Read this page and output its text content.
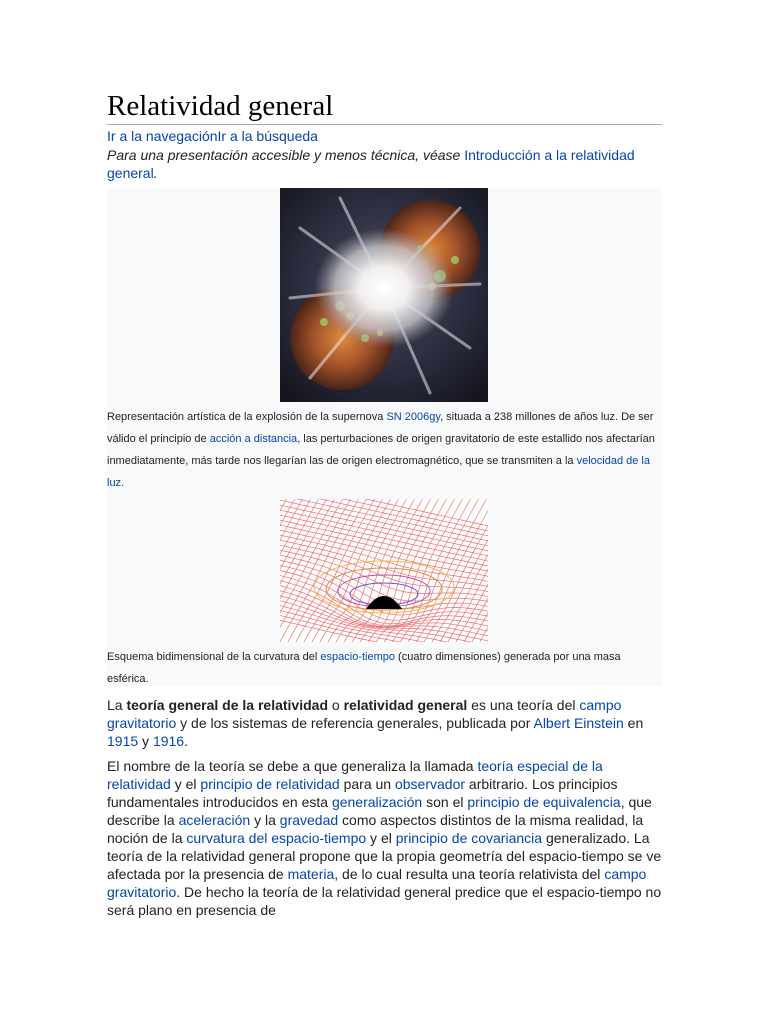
Relatividad general
Ir a la navegaciónIr a la búsqueda
Para una presentación accesible y menos técnica, véase Introducción a la relatividad general.
Representación artística de la explosión de la supernova SN 2006gy, situada a 238 millones de años luz. De ser válido el principio de acción a distancia, las perturbaciones de origen gravitatorio de este estallido nos afectarían inmediatamente, más tarde nos llegarían las de origen electromagnético, que se transmiten a la velocidad de la luz.
Esquema bidimensional de la curvatura del espacio-tiempo (cuatro dimensiones) generada por una masa esférica.

La teoría general de la relatividad o relatividad general es una teoría del campo gravitatorio y de los sistemas de referencia generales, publicada por Albert Einstein en 1915 y 1916.

El nombre de la teoría se debe a que generaliza la llamada teoría especial de la relatividad y el principio de relatividad para un observador arbitrario. Los principios fundamentales introducidos en esta generalización son el principio de equivalencia, que describe la aceleración y la gravedad como aspectos distintos de la misma realidad, la noción de la curvatura del espacio-tiempo y el principio de covariancia generalizado. La teoría de la relatividad general propone que la propia geometría del espacio-tiempo se ve afectada por la presencia de materia, de lo cual resulta una teoría relativista del campo gravitatorio. De hecho la teoría de la relatividad general predice que el espacio-tiempo no será plano en presencia de
